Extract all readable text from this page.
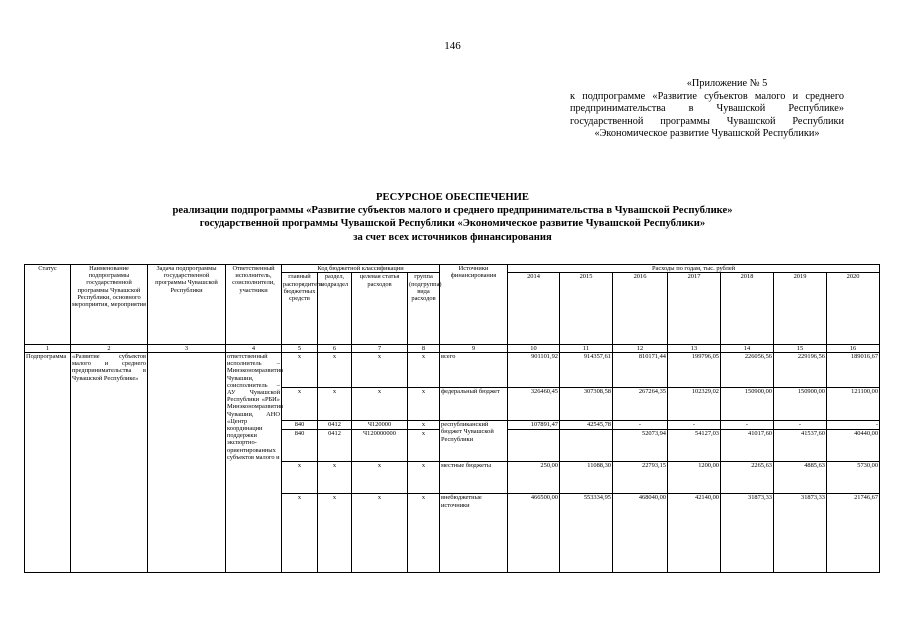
146
«Приложение № 5
к подпрограмме «Развитие субъектов малого и среднего предпринимательства в Чувашской Республике» государственной программы Чувашской Республики «Экономическое развитие Чувашской Республики»
РЕСУРСНОЕ ОБЕСПЕЧЕНИЕ
реализации подпрограммы «Развитие субъектов малого и среднего предпринимательства в Чувашской Республике»
государственной программы Чувашской Республики «Экономическое развитие Чувашской Республики»
за счет всех источников финансирования
Статус	Наименование подпрограммы государственной программы Чувашской Республики, основного мероприятия, мероприятия	Задача подпрограммы государственной программы Чувашской Республики	Ответственный исполнитель, соисполнители, участники	Код бюджетной классификации				Источники финансирования	Расходы по годам, тыс. рублей						
				главный распорядитель бюджетных средств	раздел, подраздел	целевая статья расходов	группа (подгруппа) вида расходов		2014	2015	2016	2017	2018	2019	2020
1	2	3	4	5	6	7	8	9	10	11	12	13	14	15	16
Подпрограмма	«Развитие субъектов малого и среднего предпринимательства в Чувашской Республике»		ответственный исполнитель – Минэкономразвития Чувашии, соисполнитель – АУ Чувашской Республики «РБИ» Минэкономразвития Чувашии, АНО «Центр координации поддержки экспортно-ориентированных субъектов малого и	x	x	x	x	всего	901101,92	914357,61	810171,44	199796,05	226056,56	229196,56	189016,67
				x	x	x	x	федеральный бюджет	326460,45	307308,58	267264,35	102329,02	150900,00	150900,00	121100,00
				840	0412	Ч120000	x	республиканский бюджет Чувашской Республики	107891,47	42545,78	-	-	-	-	-
				840	0412	Ч120000000	x				52073,94	54127,03	41017,60	41537,60	40440,00
				x	x	x	x	местные бюджеты	250,00	11088,30	22793,15	1200,00	2265,63	4885,63	5730,00
				x	x	x	x	внебюджетные источники	466500,00	553334,95	468040,00	42140,00	31873,33	31873,33	21746,67
